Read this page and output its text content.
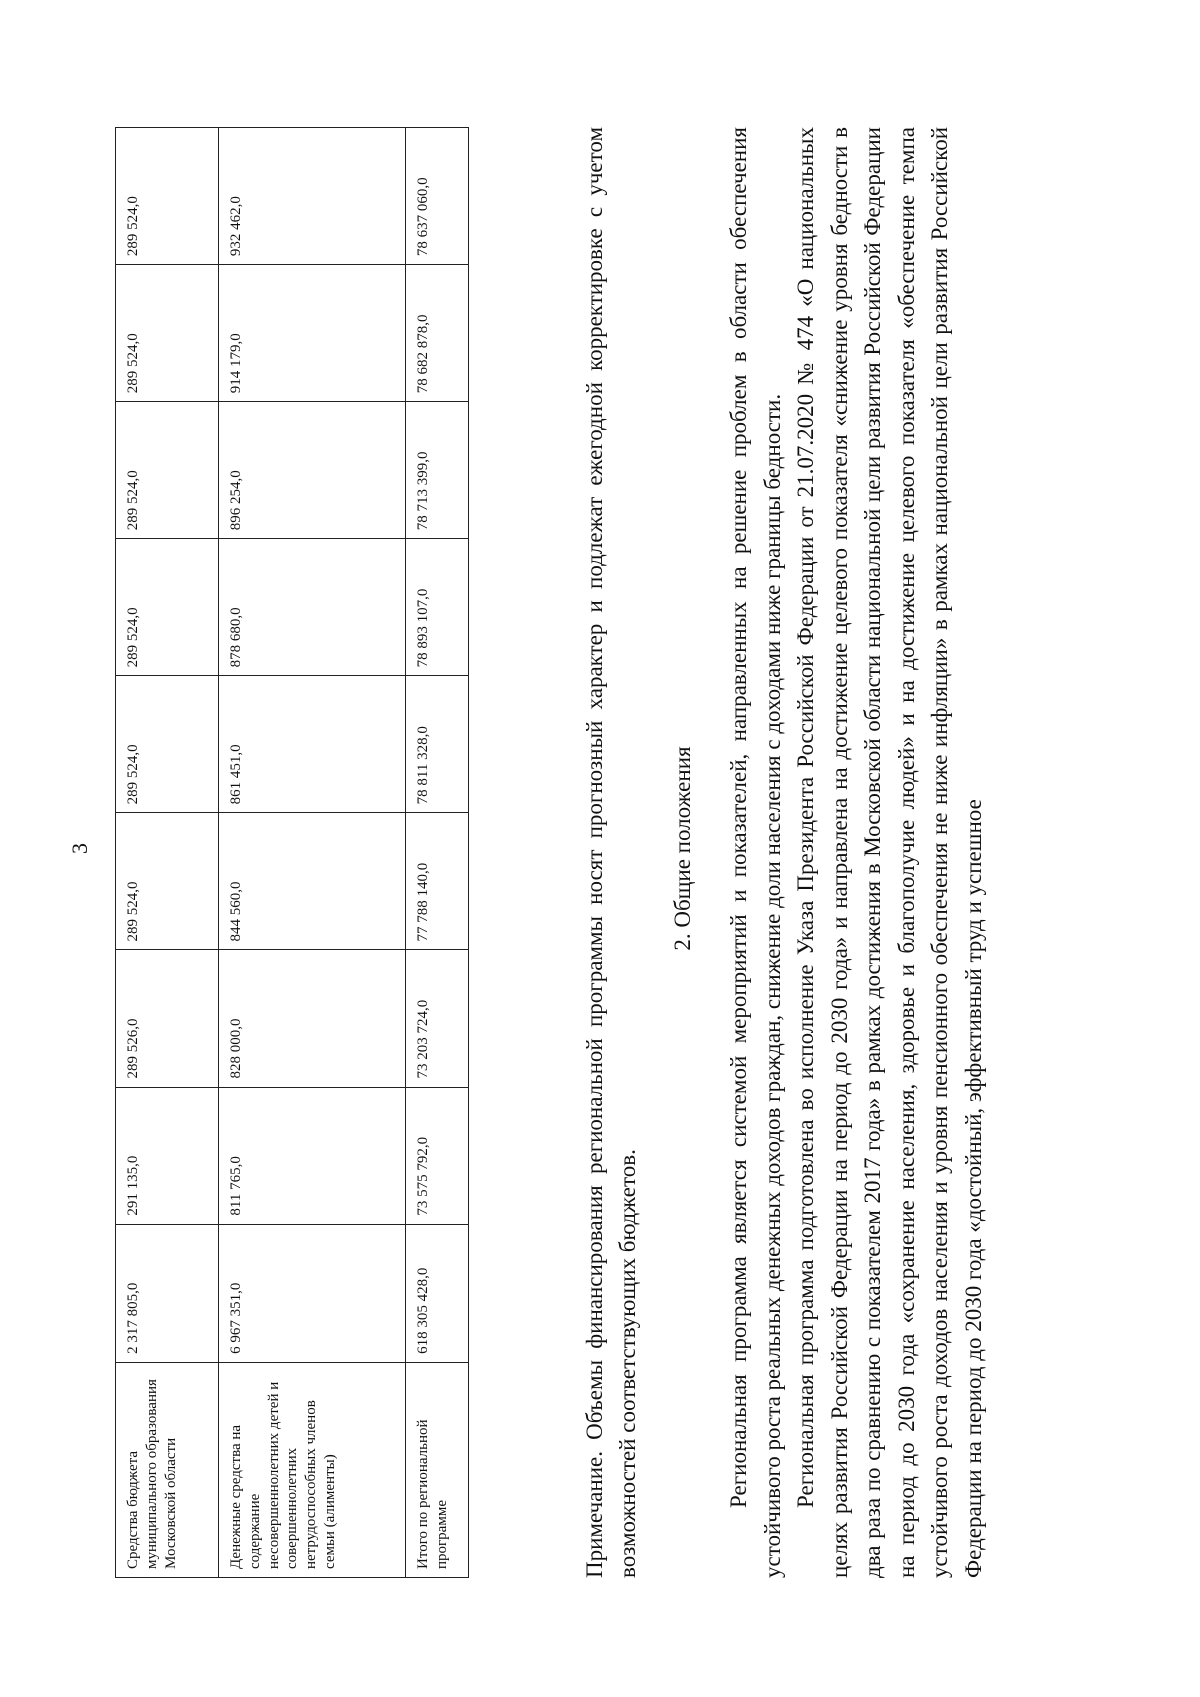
3
Средства бюджета муниципального образования Московской области	2 317 805,0	291 135,0	289 526,0	289 524,0	289 524,0	289 524,0	289 524,0	289 524,0	289 524,0
Денежные средства на содержание несовершеннолетних детей и совершеннолетних нетрудоспособных членов семьи (алименты)	6 967 351,0	811 765,0	828 000,0	844 560,0	861 451,0	878 680,0	896 254,0	914 179,0	932 462,0
Итого по региональной программе	618 305 428,0	73 575 792,0	73 203 724,0	77 788 140,0	78 811 328,0	78 893 107,0	78 713 399,0	78 682 878,0	78 637 060,0	Примечание. Объемы финансирования региональной программы носят прогнозный характер и подлежат ежегодной корректировке с учетом возможностей соответствующих бюджетов.
2. Общие положения Региональная программа является системой мероприятий и показателей, направленных на решение проблем в области обеспечения устойчивого роста реальных денежных доходов граждан, снижение доли населения с доходами ниже границы бедности. Региональная программа подготовлена во исполнение Указа Президента Российской Федерации от 21.07.2020 № 474 «О национальных целях развития Российской Федерации на период до 2030 года» и направлена на достижение целевого показателя «снижение уровня бедности в два раза по сравнению с показателем 2017 года» в рамках достижения в Московской области национальной цели развития Российской Федерации на период до 2030 года «сохранение населения, здоровье и благополучие людей» и на достижение целевого показателя «обеспечение темпа устойчивого роста доходов населения и уровня пенсионного обеспечения не ниже инфляции» в рамках национальной цели развития Российской Федерации на период до 2030 года «достойный, эффективный труд и успешное
